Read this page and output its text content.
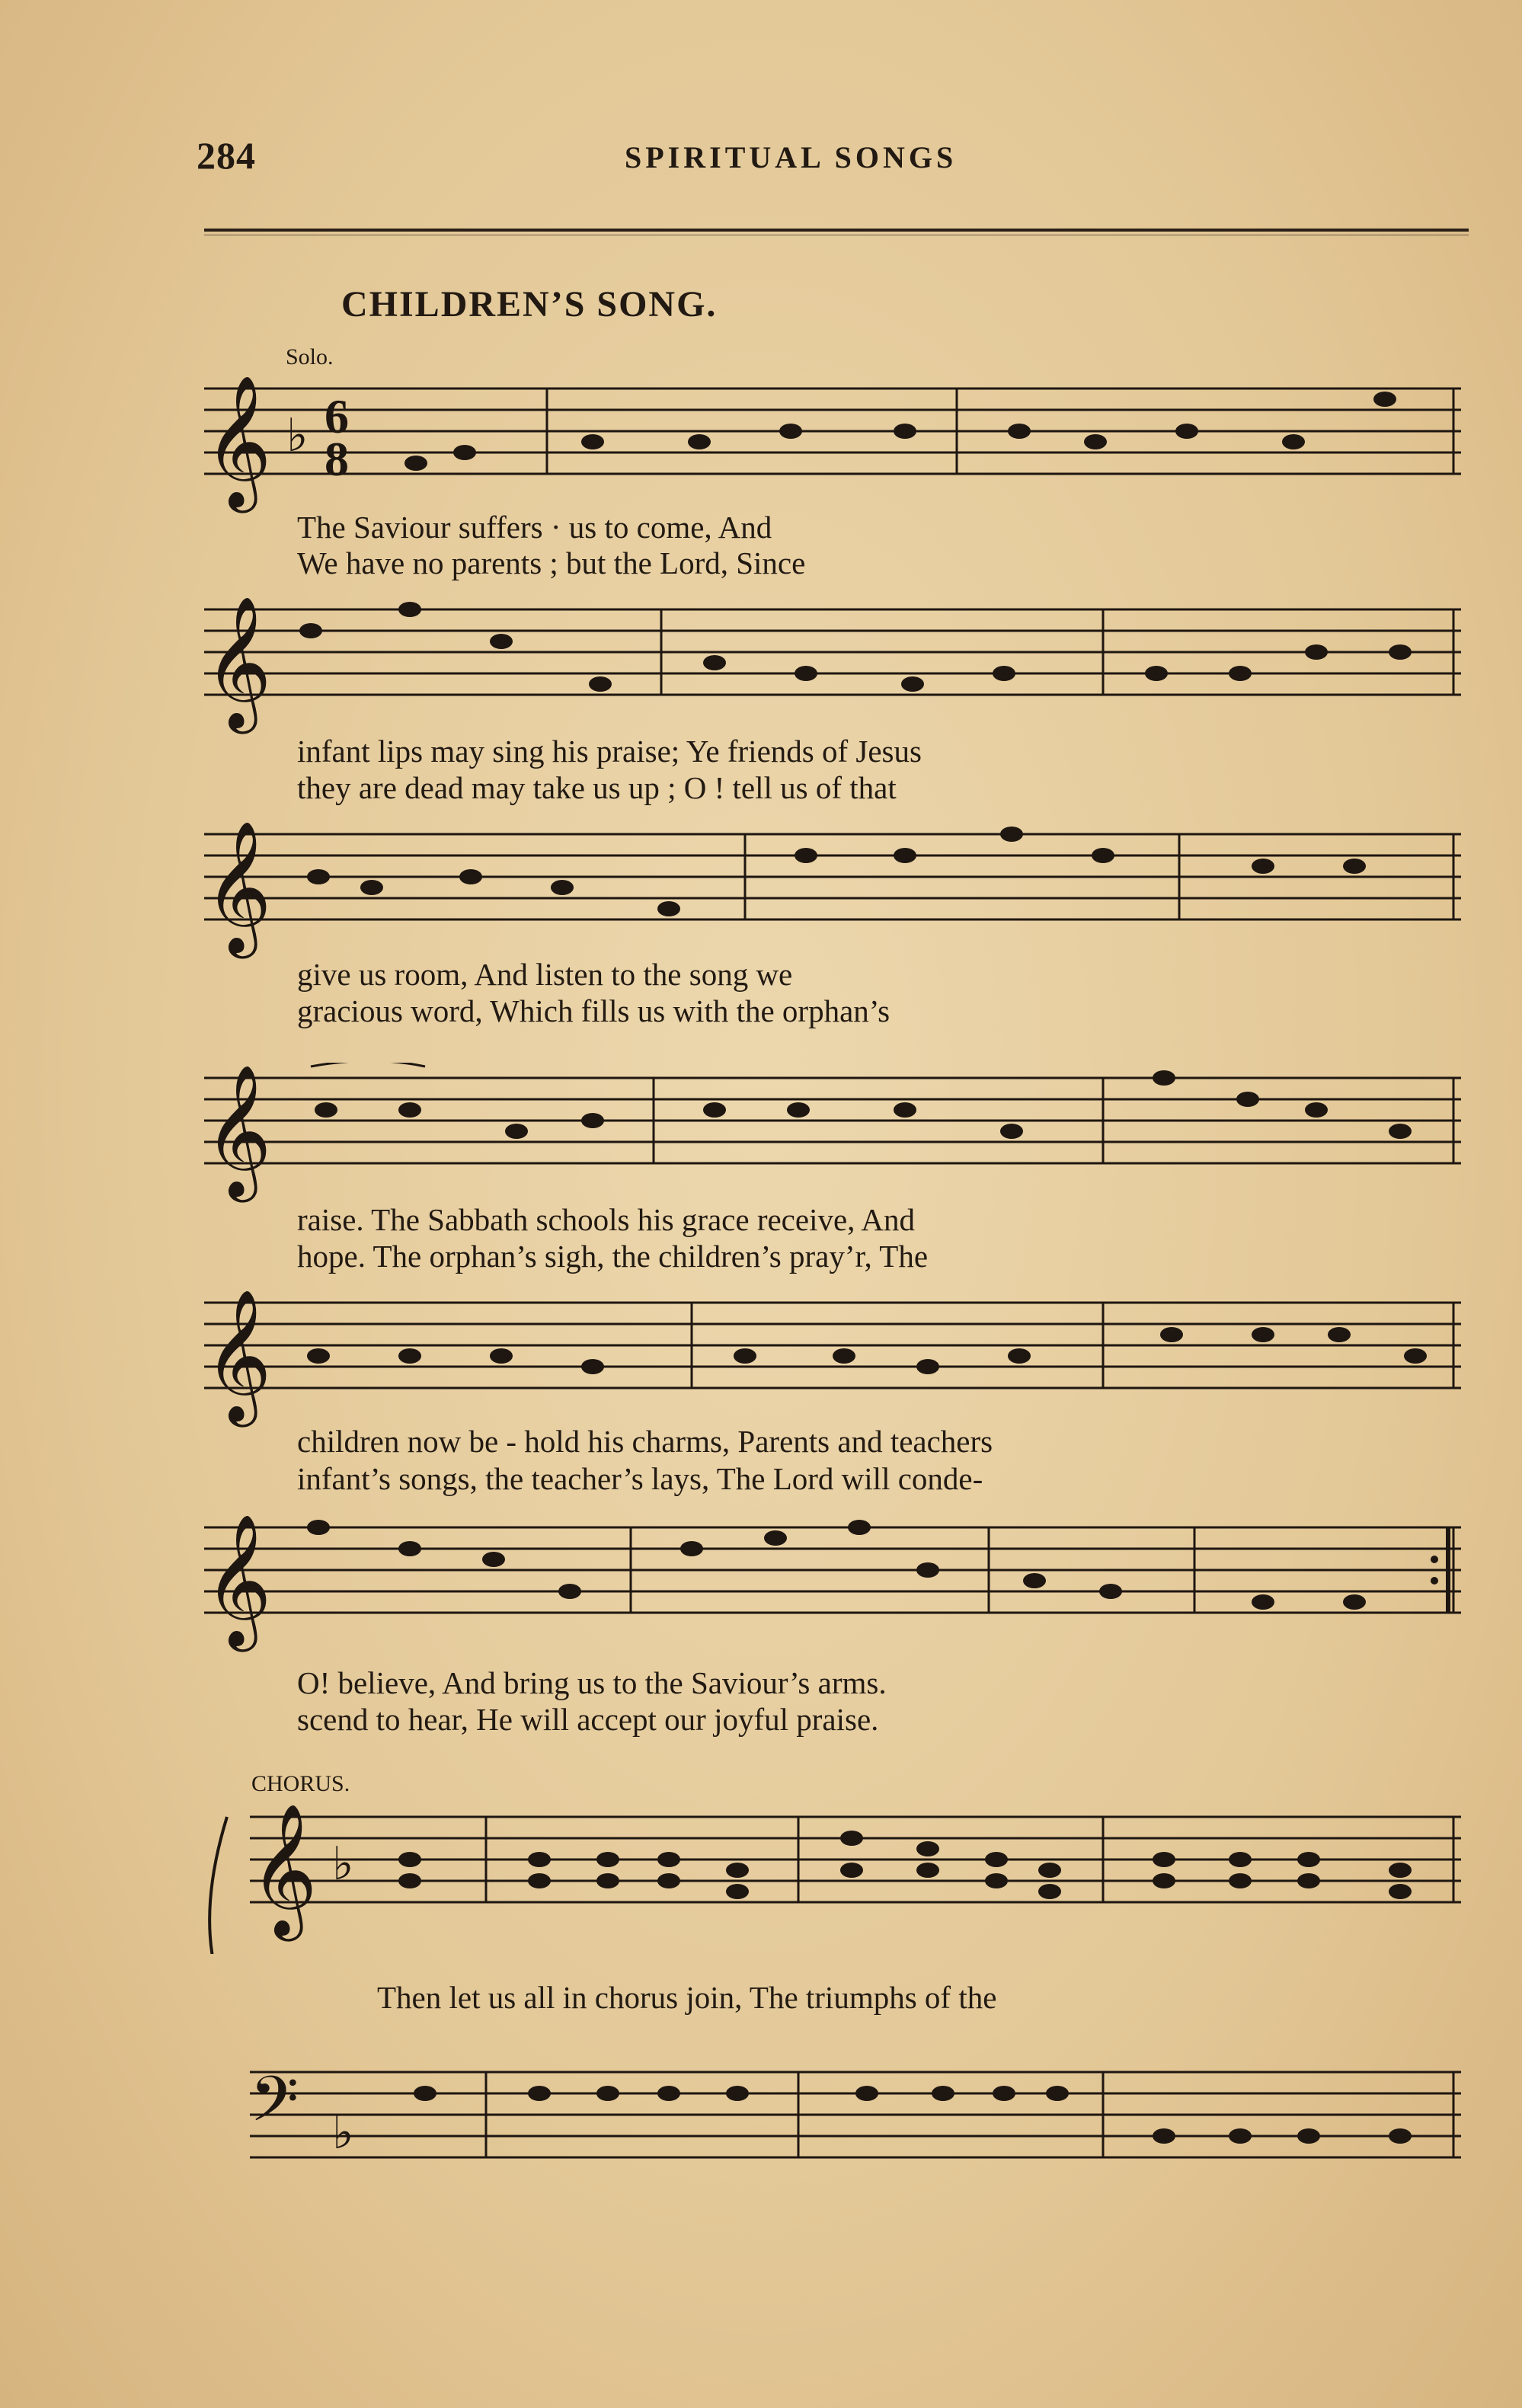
284	SPIRITUAL SONGS
CHILDREN’S SONG.
Solo.
𝄞 ♭ 6
8
The Saviour suffers · us to come, And
We have no parents ; but the Lord, Since
𝄞
infant lips may sing his praise; Ye friends of Jesus
they are dead may take us up ; O ! tell us of that
𝄞
give us room, And listen to the song we
gracious word, Which fills us with the orphan’s
𝄞
raise. The Sabbath schools his grace receive, And
hope. The orphan’s sigh, the children’s pray’r, The
𝄞
children now be - hold his charms, Parents and teachers
infant’s songs, the teacher’s lays, The Lord will conde-
𝄞
O! believe, And bring us to the Saviour’s arms.
scend to hear, He will accept our joyful praise.
CHORUS.
𝄞 ♭
Then let us all in chorus join, The triumphs of the
𝄢 ♭
